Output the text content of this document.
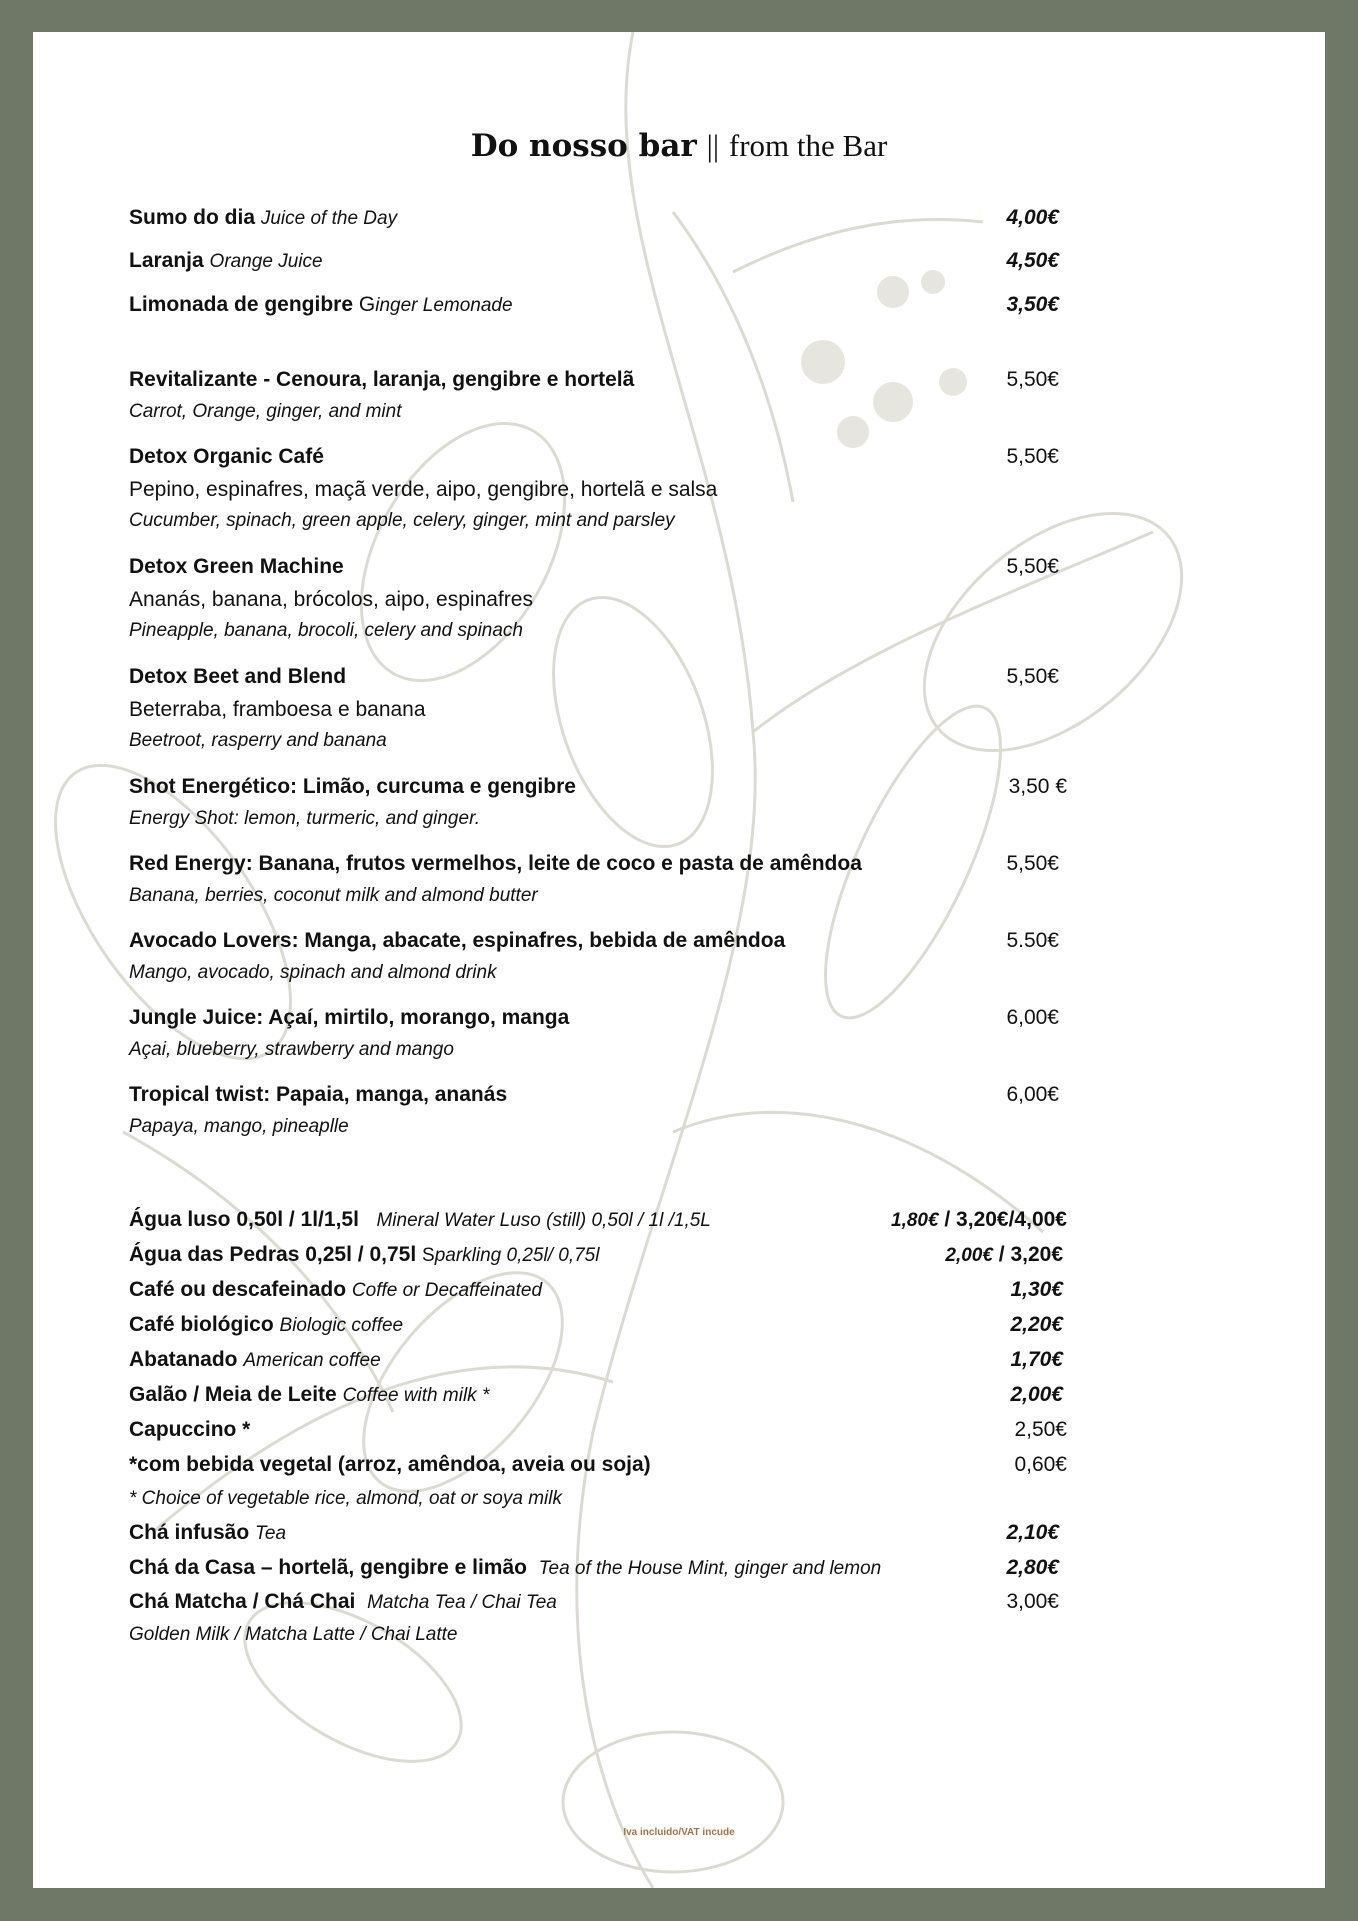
Do nosso bar || from the Bar
Sumo do dia Juice of the Day	4,00€
Laranja Orange Juice	4,50€
Limonada de gengibre Ginger Lemonade	3,50€
Revitalizante - Cenoura, laranja, gengibre e hortelã	5,50€
Carrot, Orange, ginger, and mint
Detox Organic Café	5,50€
Pepino, espinafres, maçã verde, aipo, gengibre, hortelã e salsa
Cucumber, spinach, green apple, celery, ginger, mint and parsley
Detox Green Machine	5,50€
Ananás, banana, brócolos, aipo, espinafres
Pineapple, banana, brocoli, celery and spinach
Detox Beet and Blend	5,50€
Beterraba, framboesa e banana
Beetroot, rasperry and banana
Shot Energético: Limão, curcuma e gengibre	3,50 €
Energy Shot: lemon, turmeric, and ginger.
Red Energy: Banana, frutos vermelhos, leite de coco e pasta de amêndoa	5,50€
Banana, berries, coconut milk and almond butter
Avocado Lovers: Manga, abacate, espinafres, bebida de amêndoa	5.50€
Mango, avocado, spinach and almond drink
Jungle Juice: Açaí, mirtilo, morango, manga	6,00€
Açai, blueberry, strawberry and mango
Tropical twist: Papaia, manga, ananás	6,00€
Papaya, mango, pineaplle
Água luso 0,50l / 1l/1,5l Mineral Water Luso (still) 0,50l / 1l /1,5L	1,80€ / 3,20€/4,00€
Água das Pedras 0,25l / 0,75l Sparkling 0,25l/ 0,75l	2,00€ / 3,20€
Café ou descafeinado Coffe or Decaffeinated	1,30€
Café biológico Biologic coffee	2,20€
Abatanado American coffee	1,70€
Galão / Meia de Leite Coffee with milk *	2,00€
Capuccino *	2,50€
*com bebida vegetal (arroz, amêndoa, aveia ou soja)	0,60€
* Choice of vegetable rice, almond, oat or soya milk
Chá infusão Tea	2,10€
Chá da Casa – hortelã, gengibre e limão Tea of the House Mint, ginger and lemon	2,80€
Chá Matcha / Chá Chai Matcha Tea / Chai Tea	3,00€
Golden Milk / Matcha Latte / Chai Latte
Iva incluido/VAT incude
